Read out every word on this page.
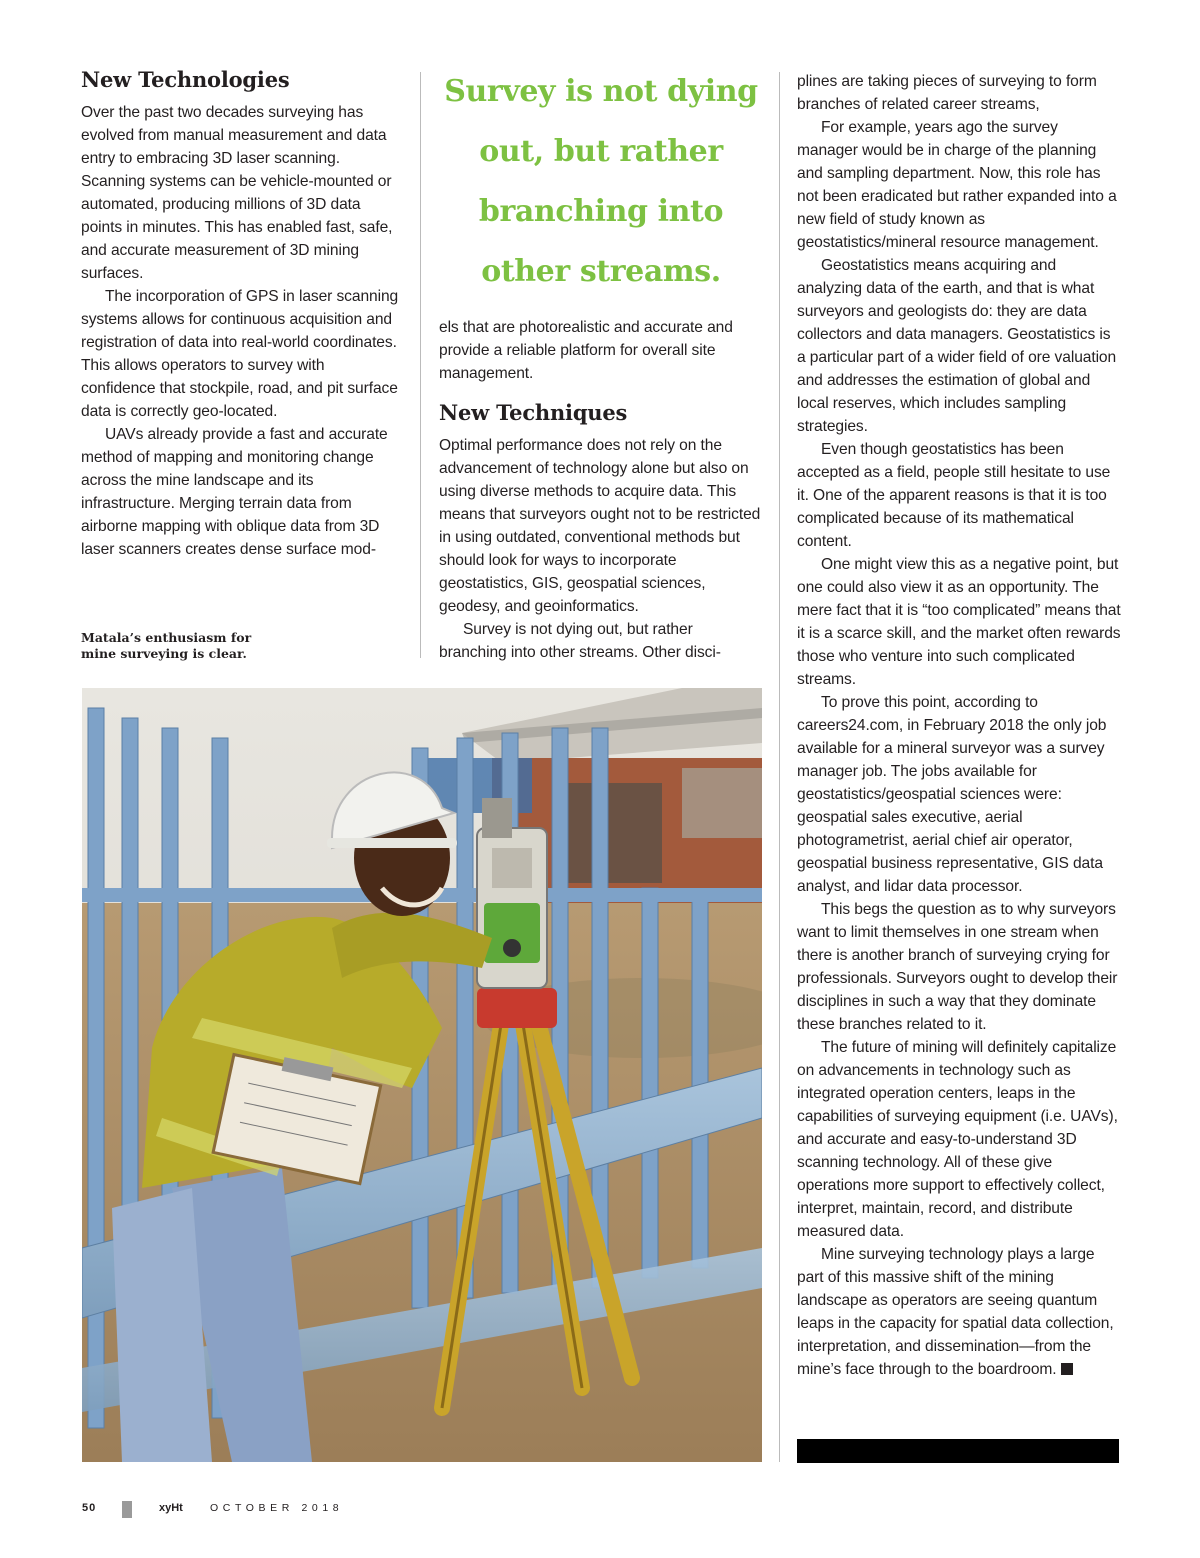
New Technologies

Over the past two decades surveying has evolved from manual measurement and data entry to embracing 3D laser scanning. Scanning systems can be vehicle-mounted or automated, producing millions of 3D data points in minutes. This has enabled fast, safe, and accurate measurement of 3D mining surfaces.

The incorporation of GPS in laser scanning systems allows for continuous acquisition and registration of data into real-world coordinates. This allows operators to survey with confidence that stockpile, road, and pit surface data is correctly geo-located.

UAVs already provide a fast and accurate method of mapping and monitoring change across the mine landscape and its infrastructure. Merging terrain data from airborne mapping with oblique data from 3D laser scanners creates dense surface mod-

Survey is not dying out, but rather branching into other streams.
Matala’s enthusiasm for mine surveying is clear.

els that are photorealistic and accurate and provide a reliable platform for overall site management.

New Techniques

Optimal performance does not rely on the advancement of technology alone but also on using diverse methods to acquire data. This means that surveyors ought not to be restricted in using outdated, conventional methods but should look for ways to incorporate geostatistics, GIS, geospatial sciences, geodesy, and geoinformatics.

Survey is not dying out, but rather branching into other streams. Other disci-

plines are taking pieces of surveying to form branches of related career streams,

For example, years ago the survey manager would be in charge of the planning and sampling department. Now, this role has not been eradicated but rather expanded into a new field of study known as geostatistics/mineral resource management.

Geostatistics means acquiring and analyzing data of the earth, and that is what surveyors and geologists do: they are data collectors and data managers. Geostatistics is a particular part of a wider field of ore valuation and addresses the estimation of global and local reserves, which includes sampling strategies.

Even though geostatistics has been accepted as a field, people still hesitate to use it. One of the apparent reasons is that it is too complicated because of its mathematical content.

One might view this as a negative point, but one could also view it as an opportunity. The mere fact that it is “too complicated” means that it is a scarce skill, and the market often rewards those who venture into such complicated streams.

To prove this point, according to careers24.com, in February 2018 the only job available for a mineral surveyor was a survey manager job. The jobs available for geostatistics/geospatial sciences were: geospatial sales executive, aerial photogrametrist, aerial chief air operator, geospatial business representative, GIS data analyst, and lidar data processor.

This begs the question as to why surveyors want to limit themselves in one stream when there is another branch of surveying crying for professionals. Surveyors ought to develop their disciplines in such a way that they dominate these branches related to it.

The future of mining will definitely capitalize on advancements in technology such as integrated operation centers, leaps in the capabilities of surveying equipment (i.e. UAVs), and accurate and easy-to-understand 3D scanning technology. All of these give operations more support to effectively collect, interpret, maintain, record, and distribute measured data.

Mine surveying technology plays a large part of this massive shift of the mining landscape as operators are seeing quantum leaps in the capacity for spatial data collection, interpretation, and dissemination—from the mine’s face through to the boardroom.

50	xyHt	OCTOBER 2018
